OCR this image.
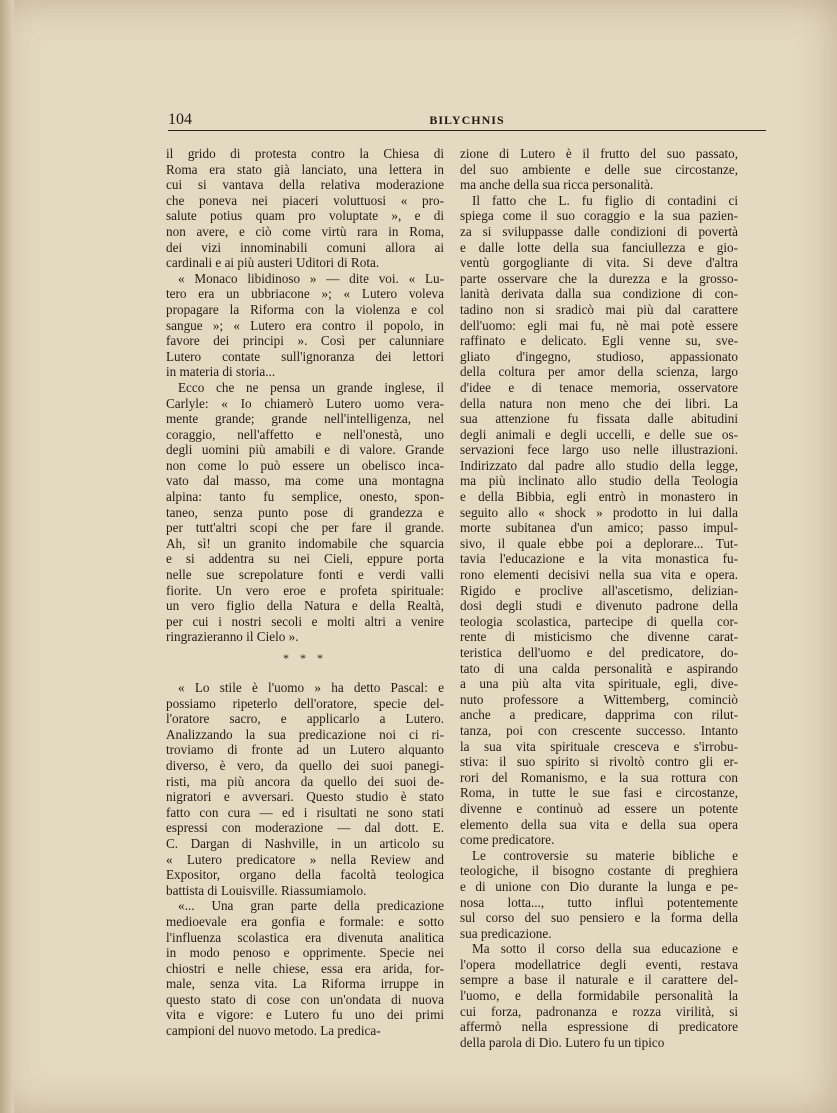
104	BILYCHNIS
il grido di protesta contro la Chiesa di
Roma era stato già lanciato, una lettera in
cui si vantava della relativa moderazione
che poneva nei piaceri voluttuosi « pro-
salute potius quam pro voluptate », e di
non avere, e ciò come virtù rara in Roma,
dei vizi innominabili comuni allora ai
cardinali e ai più austeri Uditori di Rota.
« Monaco libidinoso » — dite voi. « Lu-
tero era un ubbriacone »; « Lutero voleva
propagare la Riforma con la violenza e col
sangue »; « Lutero era contro il popolo, in
favore dei principi ». Così per calunniare
Lutero contate sull'ignoranza dei lettori
in materia di storia...
Ecco che ne pensa un grande inglese, il
Carlyle: « Io chiamerò Lutero uomo vera-
mente grande; grande nell'intelligenza, nel
coraggio, nell'affetto e nell'onestà, uno
degli uomini più amabili e di valore. Grande
non come lo può essere un obelisco inca-
vato dal masso, ma come una montagna
alpina: tanto fu semplice, onesto, spon-
taneo, senza punto pose di grandezza e
per tutt'altri scopi che per fare il grande.
Ah, sì! un granito indomabile che squarcia
e si addentra su nei Cieli, eppure porta
nelle sue screpolature fonti e verdi valli
fiorite. Un vero eroe e profeta spirituale:
un vero figlio della Natura e della Realtà,
per cui i nostri secoli e molti altri a venire
ringrazieranno il Cielo ».
* * *
« Lo stile è l'uomo » ha detto Pascal: e
possiamo ripeterlo dell'oratore, specie del-
l'oratore sacro, e applicarlo a Lutero.
Analizzando la sua predicazione noi ci ri-
troviamo di fronte ad un Lutero alquanto
diverso, è vero, da quello dei suoi panegi-
risti, ma più ancora da quello dei suoi de-
nigratori e avversari. Questo studio è stato
fatto con cura — ed i risultati ne sono stati
espressi con moderazione — dal dott. E.
C. Dargan di Nashville, in un articolo su
« Lutero predicatore » nella Review and
Expositor, organo della facoltà teologica
battista di Louisville. Riassumiamolo.
«... Una gran parte della predicazione
medioevale era gonfia e formale: e sotto
l'influenza scolastica era divenuta analitica
in modo penoso e opprimente. Specie nei
chiostri e nelle chiese, essa era arida, for-
male, senza vita. La Riforma irruppe in
questo stato di cose con un'ondata di nuova
vita e vigore: e Lutero fu uno dei primi
campioni del nuovo metodo. La predica-
zione di Lutero è il frutto del suo passato,
del suo ambiente e delle sue circostanze,
ma anche della sua ricca personalità.
Il fatto che L. fu figlio di contadini ci
spiega come il suo coraggio e la sua pazien-
za si sviluppasse dalle condizioni di povertà
e dalle lotte della sua fanciullezza e gio-
ventù gorgogliante di vita. Si deve d'altra
parte osservare che la durezza e la grosso-
lanità derivata dalla sua condizione di con-
tadino non si sradicò mai più dal carattere
dell'uomo: egli mai fu, nè mai potè essere
raffinato e delicato. Egli venne su, sve-
gliato d'ingegno, studioso, appassionato
della coltura per amor della scienza, largo
d'idee e di tenace memoria, osservatore
della natura non meno che dei libri. La
sua attenzione fu fissata dalle abitudini
degli animali e degli uccelli, e delle sue os-
servazioni fece largo uso nelle illustrazioni.
Indirizzato dal padre allo studio della legge,
ma più inclinato allo studio della Teologia
e della Bibbia, egli entrò in monastero in
seguito allo « shock » prodotto in lui dalla
morte subitanea d'un amico; passo impul-
sivo, il quale ebbe poi a deplorare... Tut-
tavia l'educazione e la vita monastica fu-
rono elementi decisivi nella sua vita e opera.
Rigido e proclive all'ascetismo, delizian-
dosi degli studi e divenuto padrone della
teologia scolastica, partecipe di quella cor-
rente di misticismo che divenne carat-
teristica dell'uomo e del predicatore, do-
tato di una calda personalità e aspirando
a una più alta vita spirituale, egli, dive-
nuto professore a Wittemberg, cominciò
anche a predicare, dapprima con rilut-
tanza, poi con crescente successo. Intanto
la sua vita spirituale cresceva e s'irrobu-
stiva: il suo spirito si rivoltò contro gli er-
rori del Romanismo, e la sua rottura con
Roma, in tutte le sue fasi e circostanze,
divenne e continuò ad essere un potente
elemento della sua vita e della sua opera
come predicatore.
Le controversie su materie bibliche e
teologiche, il bisogno costante di preghiera
e di unione con Dio durante la lunga e pe-
nosa lotta..., tutto influì potentemente
sul corso del suo pensiero e la forma della
sua predicazione.
Ma sotto il corso della sua educazione e
l'opera modellatrice degli eventi, restava
sempre a base il naturale e il carattere del-
l'uomo, e della formidabile personalità la
cui forza, padronanza e rozza virilità, si
affermò nella espressione di predicatore
della parola di Dio. Lutero fu un tipico
